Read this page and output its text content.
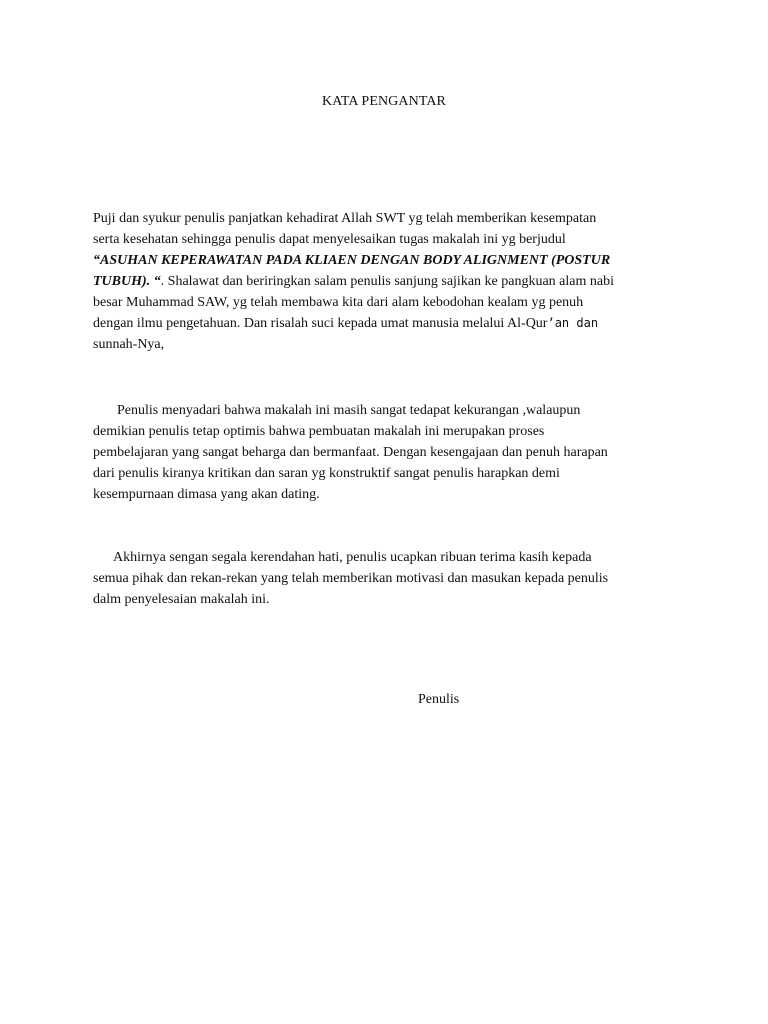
KATA PENGANTAR

Puji dan syukur penulis panjatkan kehadirat Allah SWT yg telah memberikan kesempatan
serta kesehatan sehingga penulis dapat menyelesaikan tugas makalah ini yg berjudul
“ASUHAN KEPERAWATAN PADA KLIAEN DENGAN BODY ALIGNMENT (POSTUR
TUBUH). “. Shalawat dan beriringkan salam penulis sanjung sajikan ke pangkuan alam nabi
besar Muhammad SAW, yg telah membawa kita dari alam kebodohan kealam yg penuh
dengan ilmu pengetahuan. Dan risalah suci kepada umat manusia melalui Al-Qur’an dan
sunnah-Nya,

Penulis menyadari bahwa makalah ini masih sangat tedapat kekurangan ,walaupun
demikian penulis tetap optimis bahwa pembuatan makalah ini merupakan proses
pembelajaran yang sangat beharga dan bermanfaat. Dengan kesengajaan dan penuh harapan
dari penulis kiranya kritikan dan saran yg konstruktif sangat penulis harapkan demi
kesempurnaan dimasa yang akan dating.

Akhirnya sengan segala kerendahan hati, penulis ucapkan ribuan terima kasih kepada
semua pihak dan rekan-rekan yang telah memberikan motivasi dan masukan kepada penulis
dalm penyelesaian makalah ini.

Penulis
